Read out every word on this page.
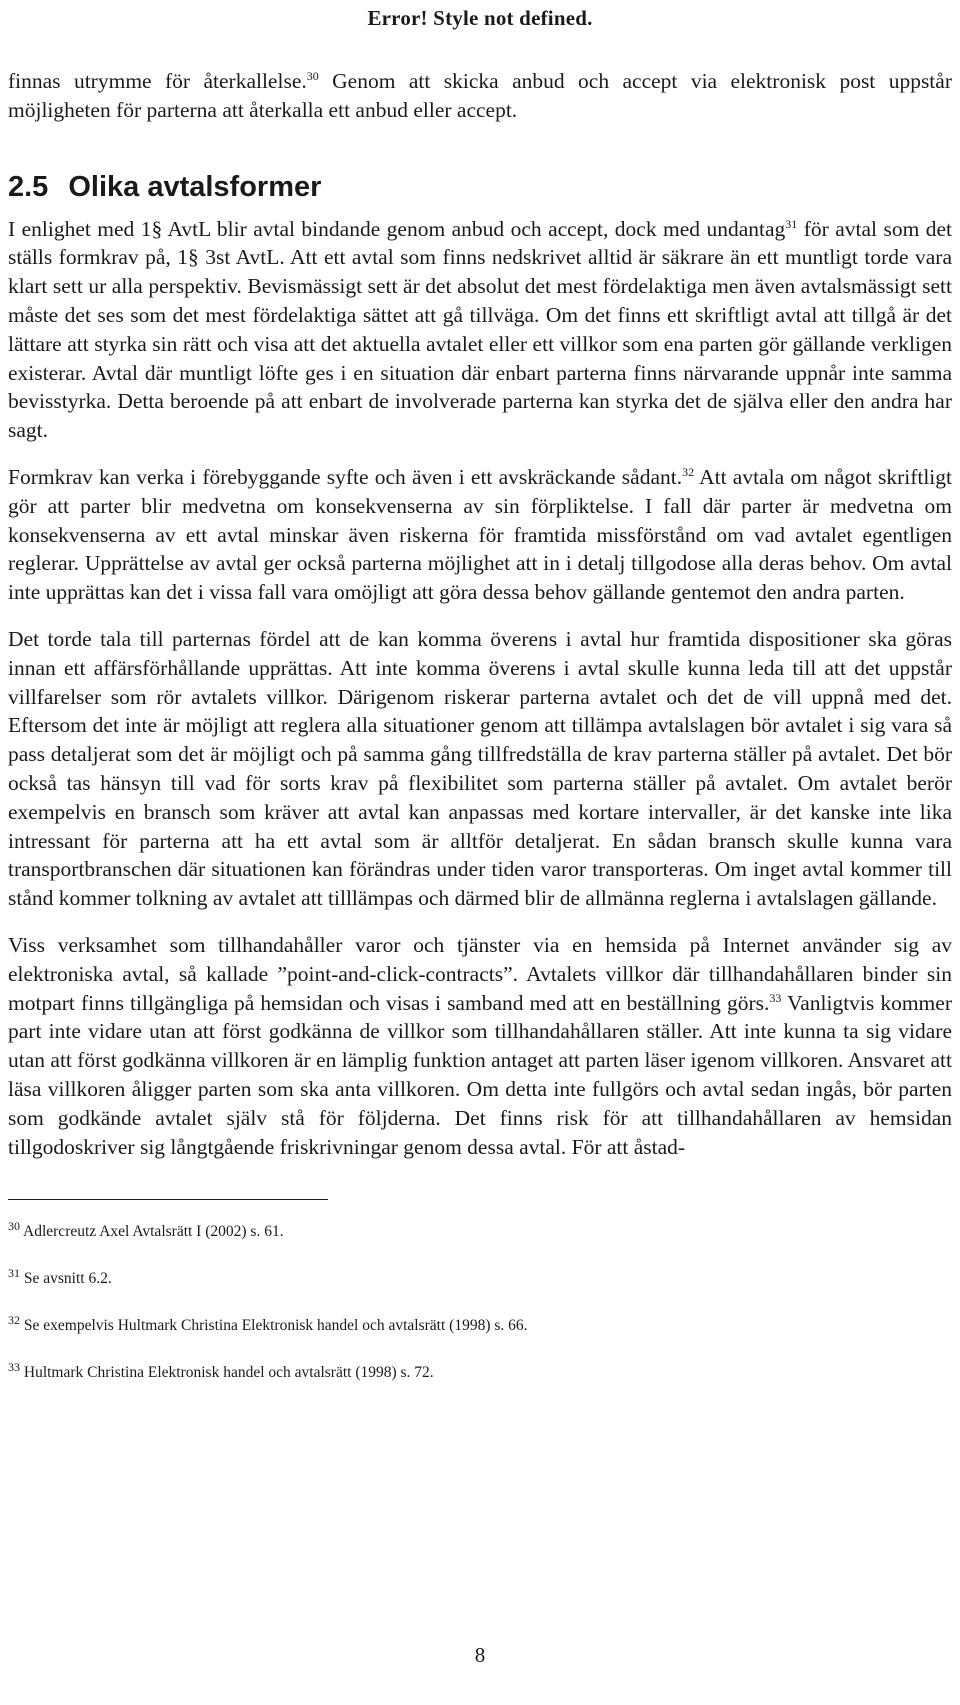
Error! Style not defined.

finnas utrymme för återkallelse.$^{30}$ Genom att skicka anbud och accept via elektronisk post uppstår möjligheten för parterna att återkalla ett anbud eller accept.

2.5 Olika avtalsformer

I enlighet med 1§ AvtL blir avtal bindande genom anbud och accept, dock med undantag$^{31}$ för avtal som det ställs formkrav på, 1§ 3st AvtL. Att ett avtal som finns nedskrivet alltid är säkrare än ett muntligt torde vara klart sett ur alla perspektiv. Bevismässigt sett är det absolut det mest fördelaktiga men även avtalsmässigt sett måste det ses som det mest fördelaktiga sättet att gå tillväga. Om det finns ett skriftligt avtal att tillgå är det lättare att styrka sin rätt och visa att det aktuella avtalet eller ett villkor som ena parten gör gällande verkligen existerar. Avtal där muntligt löfte ges i en situation där enbart parterna finns närvarande uppnår inte samma bevisstyrka. Detta beroende på att enbart de involverade parterna kan styrka det de själva eller den andra har sagt.

Formkrav kan verka i förebyggande syfte och även i ett avskräckande sådant.$^{32}$ Att avtala om något skriftligt gör att parter blir medvetna om konsekvenserna av sin förpliktelse. I fall där parter är medvetna om konsekvenserna av ett avtal minskar även riskerna för framtida missförstånd om vad avtalet egentligen reglerar. Upprättelse av avtal ger också parterna möjlighet att in i detalj tillgodose alla deras behov. Om avtal inte upprättas kan det i vissa fall vara omöjligt att göra dessa behov gällande gentemot den andra parten.

Det torde tala till parternas fördel att de kan komma överens i avtal hur framtida dispositioner ska göras innan ett affärsförhållande upprättas. Att inte komma överens i avtal skulle kunna leda till att det uppstår villfarelser som rör avtalets villkor. Därigenom riskerar parterna avtalet och det de vill uppnå med det. Eftersom det inte är möjligt att reglera alla situationer genom att tillämpa avtalslagen bör avtalet i sig vara så pass detaljerat som det är möjligt och på samma gång tillfredställa de krav parterna ställer på avtalet. Det bör också tas hänsyn till vad för sorts krav på flexibilitet som parterna ställer på avtalet. Om avtalet berör exempelvis en bransch som kräver att avtal kan anpassas med kortare intervaller, är det kanske inte lika intressant för parterna att ha ett avtal som är alltför detaljerat. En sådan bransch skulle kunna vara transportbranschen där situationen kan förändras under tiden varor transporteras. Om inget avtal kommer till stånd kommer tolkning av avtalet att tilllämpas och därmed blir de allmänna reglerna i avtalslagen gällande.

Viss verksamhet som tillhandahåller varor och tjänster via en hemsida på Internet använder sig av elektroniska avtal, så kallade ”point-and-click-contracts”. Avtalets villkor där tillhandahållaren binder sin motpart finns tillgängliga på hemsidan och visas i samband med att en beställning görs.$^{33}$ Vanligtvis kommer part inte vidare utan att först godkänna de villkor som tillhandahållaren ställer. Att inte kunna ta sig vidare utan att först godkänna villkoren är en lämplig funktion antaget att parten läser igenom villkoren. Ansvaret att läsa villkoren åligger parten som ska anta villkoren. Om detta inte fullgörs och avtal sedan ingås, bör parten som godkände avtalet själv stå för följderna. Det finns risk för att tillhandahållaren av hemsidan tillgodoskriver sig långtgående friskrivningar genom dessa avtal. För att åstad-

$^{30}$ Adlercreutz Axel Avtalsrätt I (2002) s. 61.

$^{31}$ Se avsnitt 6.2.

$^{32}$ Se exempelvis Hultmark Christina Elektronisk handel och avtalsrätt (1998) s. 66.

$^{33}$ Hultmark Christina Elektronisk handel och avtalsrätt (1998) s. 72.

8
